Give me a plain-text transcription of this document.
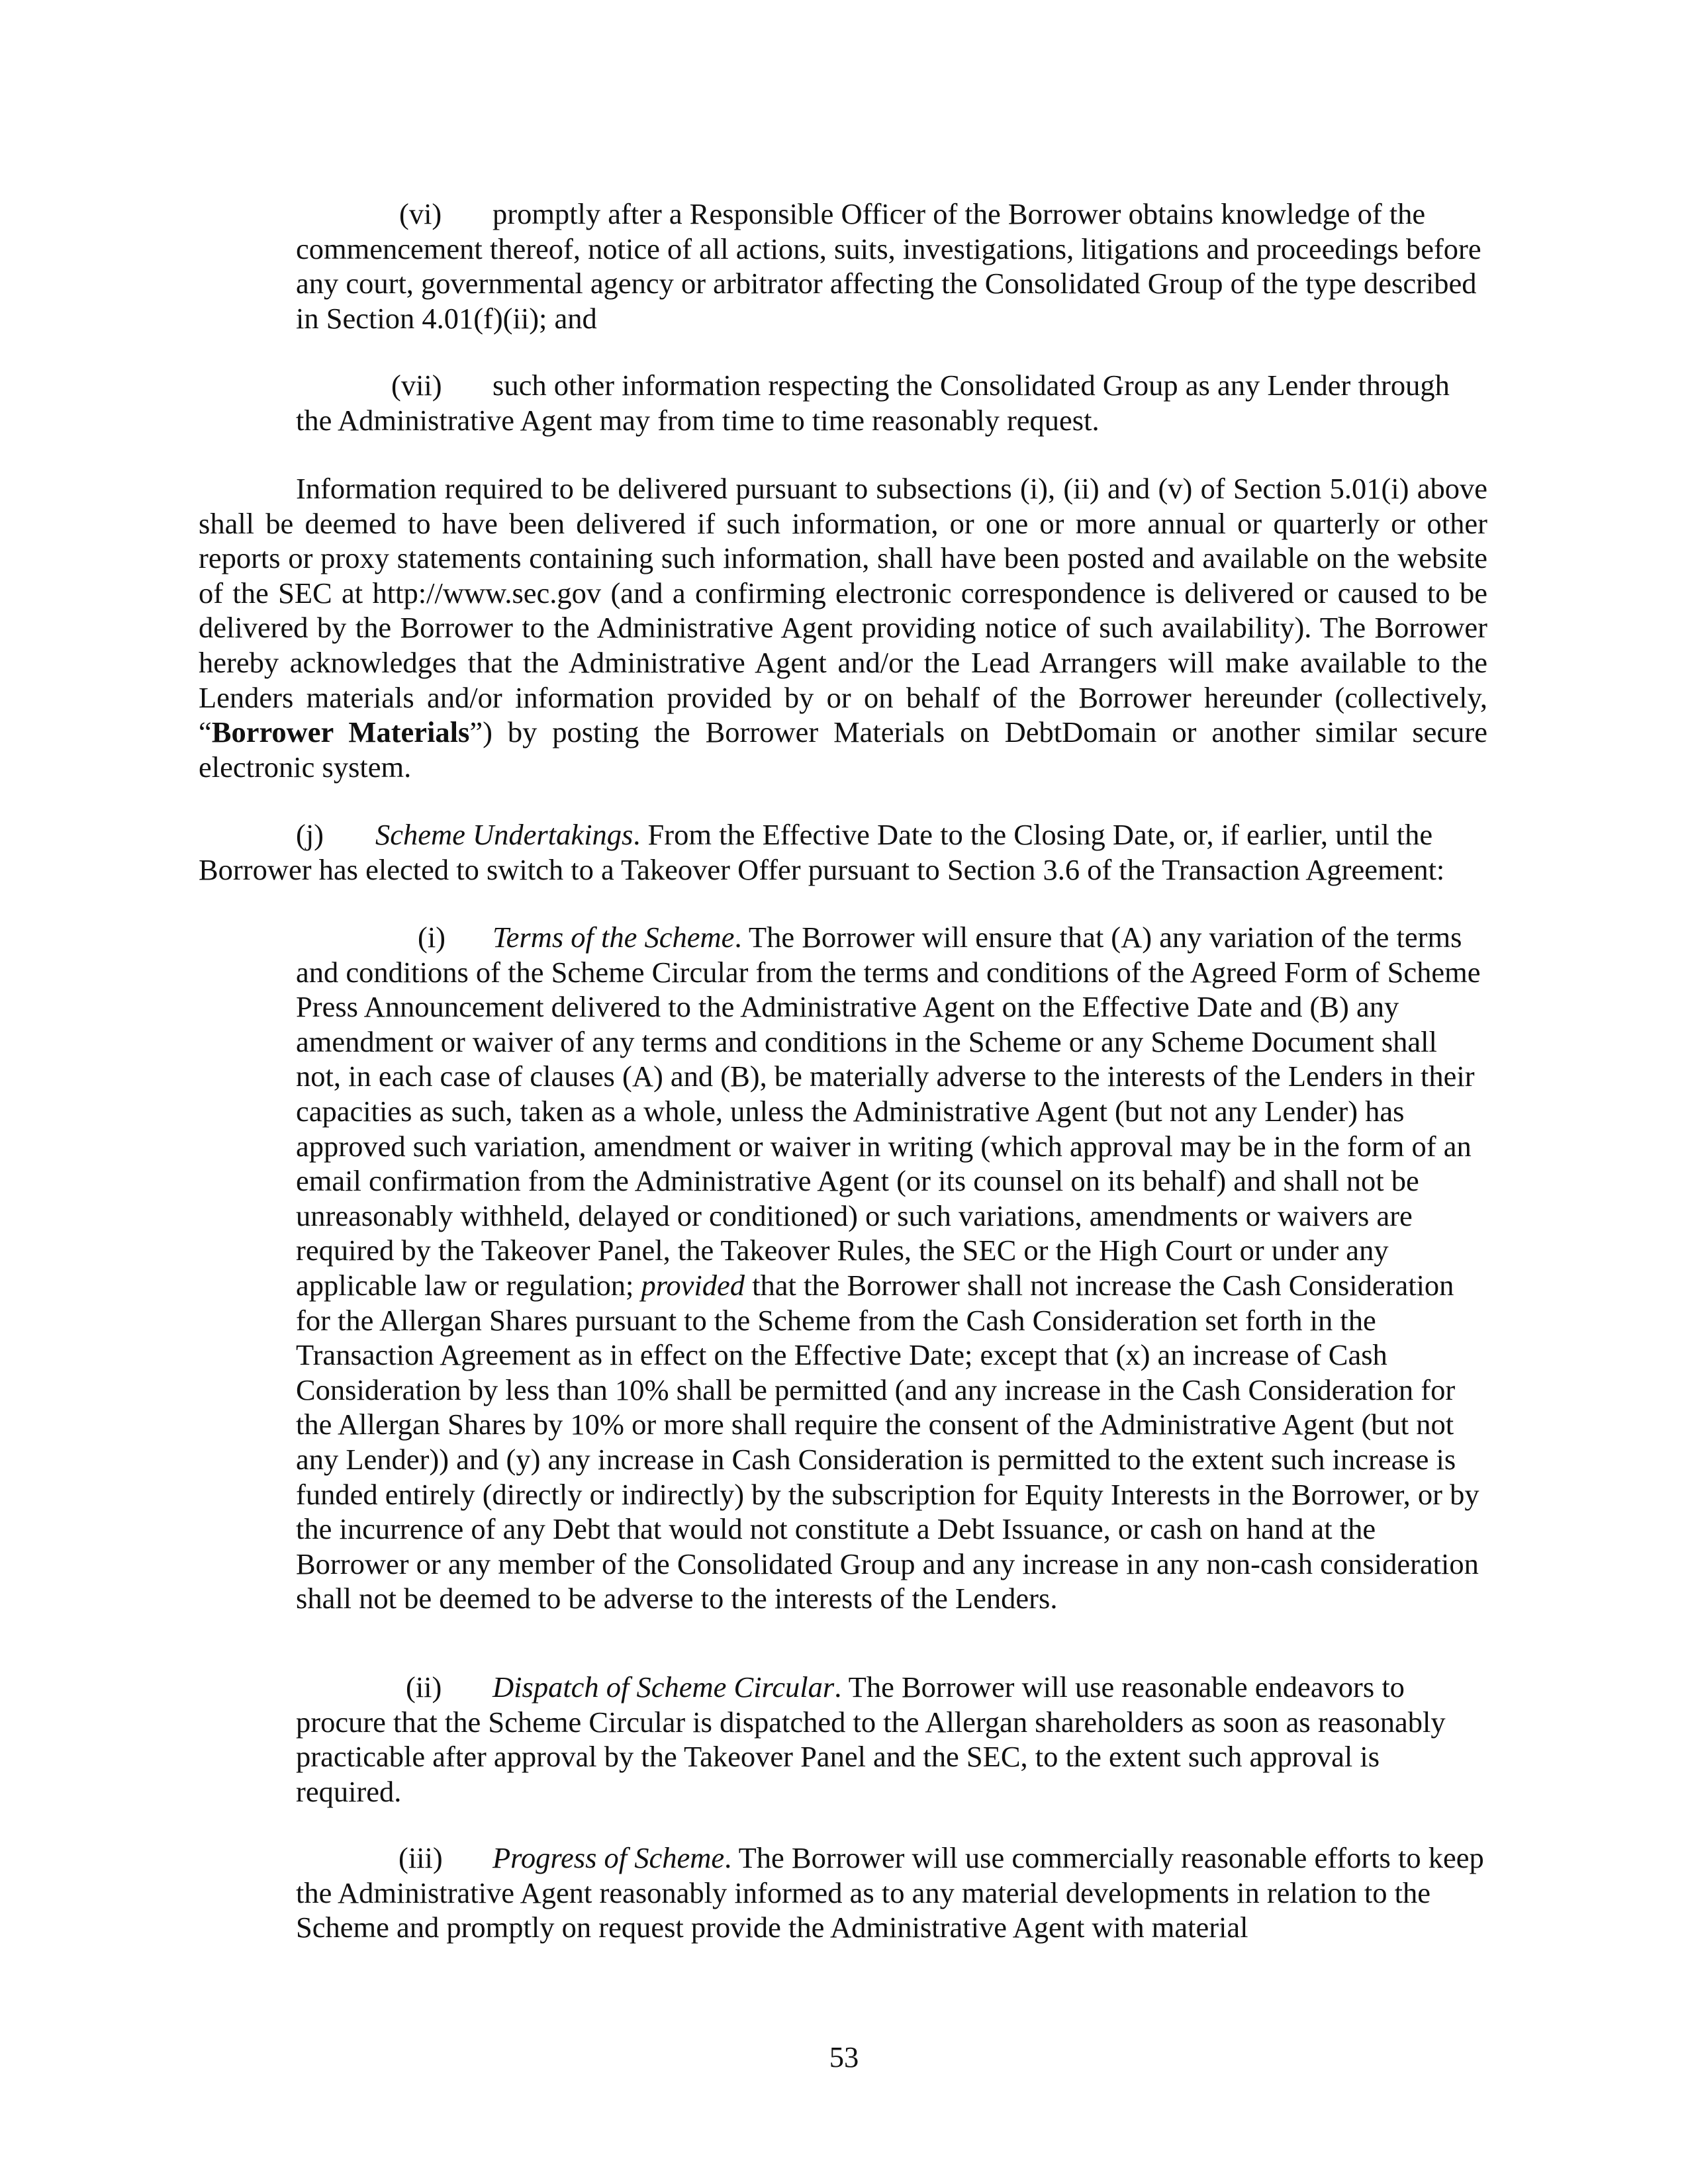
(vi) promptly after a Responsible Officer of the Borrower obtains knowledge of the commencement thereof, notice of all actions, suits, investigations, litigations and proceedings before any court, governmental agency or arbitrator affecting the Consolidated Group of the type described in Section 4.01(f)(ii); and

(vii) such other information respecting the Consolidated Group as any Lender through the Administrative Agent may from time to time reasonably request.

Information required to be delivered pursuant to subsections (i), (ii) and (v) of Section 5.01(i) above shall be deemed to have been delivered if such information, or one or more annual or quarterly or other reports or proxy statements containing such information, shall have been posted and available on the website of the SEC at http://www.sec.gov (and a confirming electronic correspondence is delivered or caused to be delivered by the Borrower to the Administrative Agent providing notice of such availability). The Borrower hereby acknowledges that the Administrative Agent and/or the Lead Arrangers will make available to the Lenders materials and/or information provided by or on behalf of the Borrower hereunder (collectively, “Borrower Materials”) by posting the Borrower Materials on DebtDomain or another similar secure electronic system.

(j) Scheme Undertakings. From the Effective Date to the Closing Date, or, if earlier, until the Borrower has elected to switch to a Takeover Offer pursuant to Section 3.6 of the Transaction Agreement:

(i) Terms of the Scheme. The Borrower will ensure that (A) any variation of the terms and conditions of the Scheme Circular from the terms and conditions of the Agreed Form of Scheme Press Announcement delivered to the Administrative Agent on the Effective Date and (B) any amendment or waiver of any terms and conditions in the Scheme or any Scheme Document shall not, in each case of clauses (A) and (B), be materially adverse to the interests of the Lenders in their capacities as such, taken as a whole, unless the Administrative Agent (but not any Lender) has approved such variation, amendment or waiver in writing (which approval may be in the form of an email confirmation from the Administrative Agent (or its counsel on its behalf) and shall not be unreasonably withheld, delayed or conditioned) or such variations, amendments or waivers are required by the Takeover Panel, the Takeover Rules, the SEC or the High Court or under any applicable law or regulation; provided that the Borrower shall not increase the Cash Consideration for the Allergan Shares pursuant to the Scheme from the Cash Consideration set forth in the Transaction Agreement as in effect on the Effective Date; except that (x) an increase of Cash Consideration by less than 10% shall be permitted (and any increase in the Cash Consideration for the Allergan Shares by 10% or more shall require the consent of the Administrative Agent (but not any Lender)) and (y) any increase in Cash Consideration is permitted to the extent such increase is funded entirely (directly or indirectly) by the subscription for Equity Interests in the Borrower, or by the incurrence of any Debt that would not constitute a Debt Issuance, or cash on hand at the Borrower or any member of the Consolidated Group and any increase in any non-cash consideration shall not be deemed to be adverse to the interests of the Lenders.

(ii) Dispatch of Scheme Circular. The Borrower will use reasonable endeavors to procure that the Scheme Circular is dispatched to the Allergan shareholders as soon as reasonably practicable after approval by the Takeover Panel and the SEC, to the extent such approval is required.

(iii) Progress of Scheme. The Borrower will use commercially reasonable efforts to keep the Administrative Agent reasonably informed as to any material developments in relation to the Scheme and promptly on request provide the Administrative Agent with material

53
